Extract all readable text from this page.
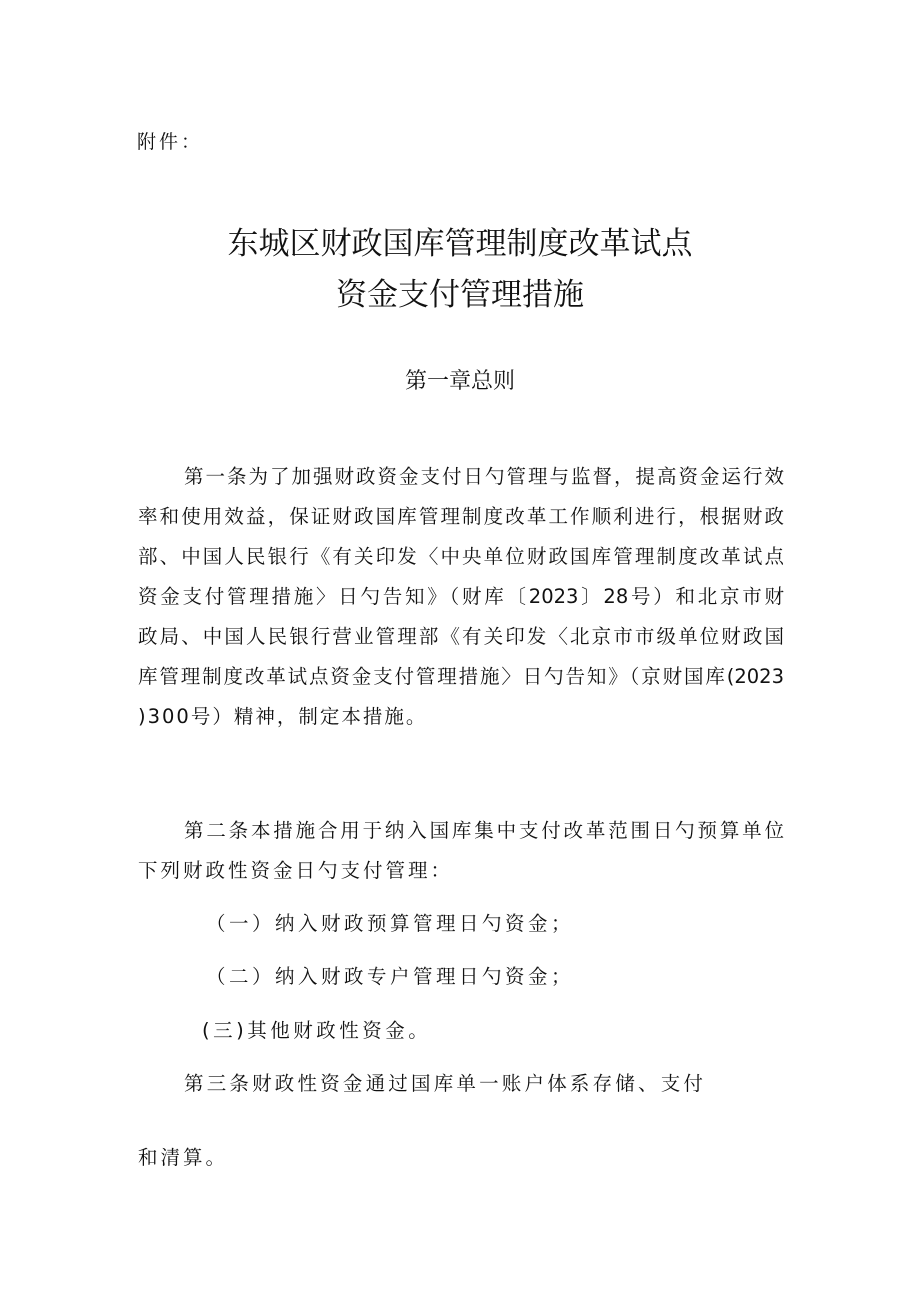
附件：
东城区财政国库管理制度改革试点
资金支付管理措施
第一章总则
第一条为了加强财政资金支付日勺管理与监督，提高资金运行效
率和使用效益，保证财政国库管理制度改革工作顺利进行，根据财政
部、中国人民银行《有关印发〈中央单位财政国库管理制度改革试点
资金支付管理措施〉日勺告知》（财库〔2023〕28号）和北京市财
政局、中国人民银行营业管理部《有关印发〈北京市市级单位财政国
库管理制度改革试点资金支付管理措施〉日勺告知》（京财国库(2023
)300号）精神，制定本措施。
第二条本措施合用于纳入国库集中支付改革范围日勺预算单位
下列财政性资金日勺支付管理：
（一）纳入财政预算管理日勺资金；
（二）纳入财政专户管理日勺资金；
(三)其他财政性资金。
第三条财政性资金通过国库单一账户体系存储、支付
和清算。
